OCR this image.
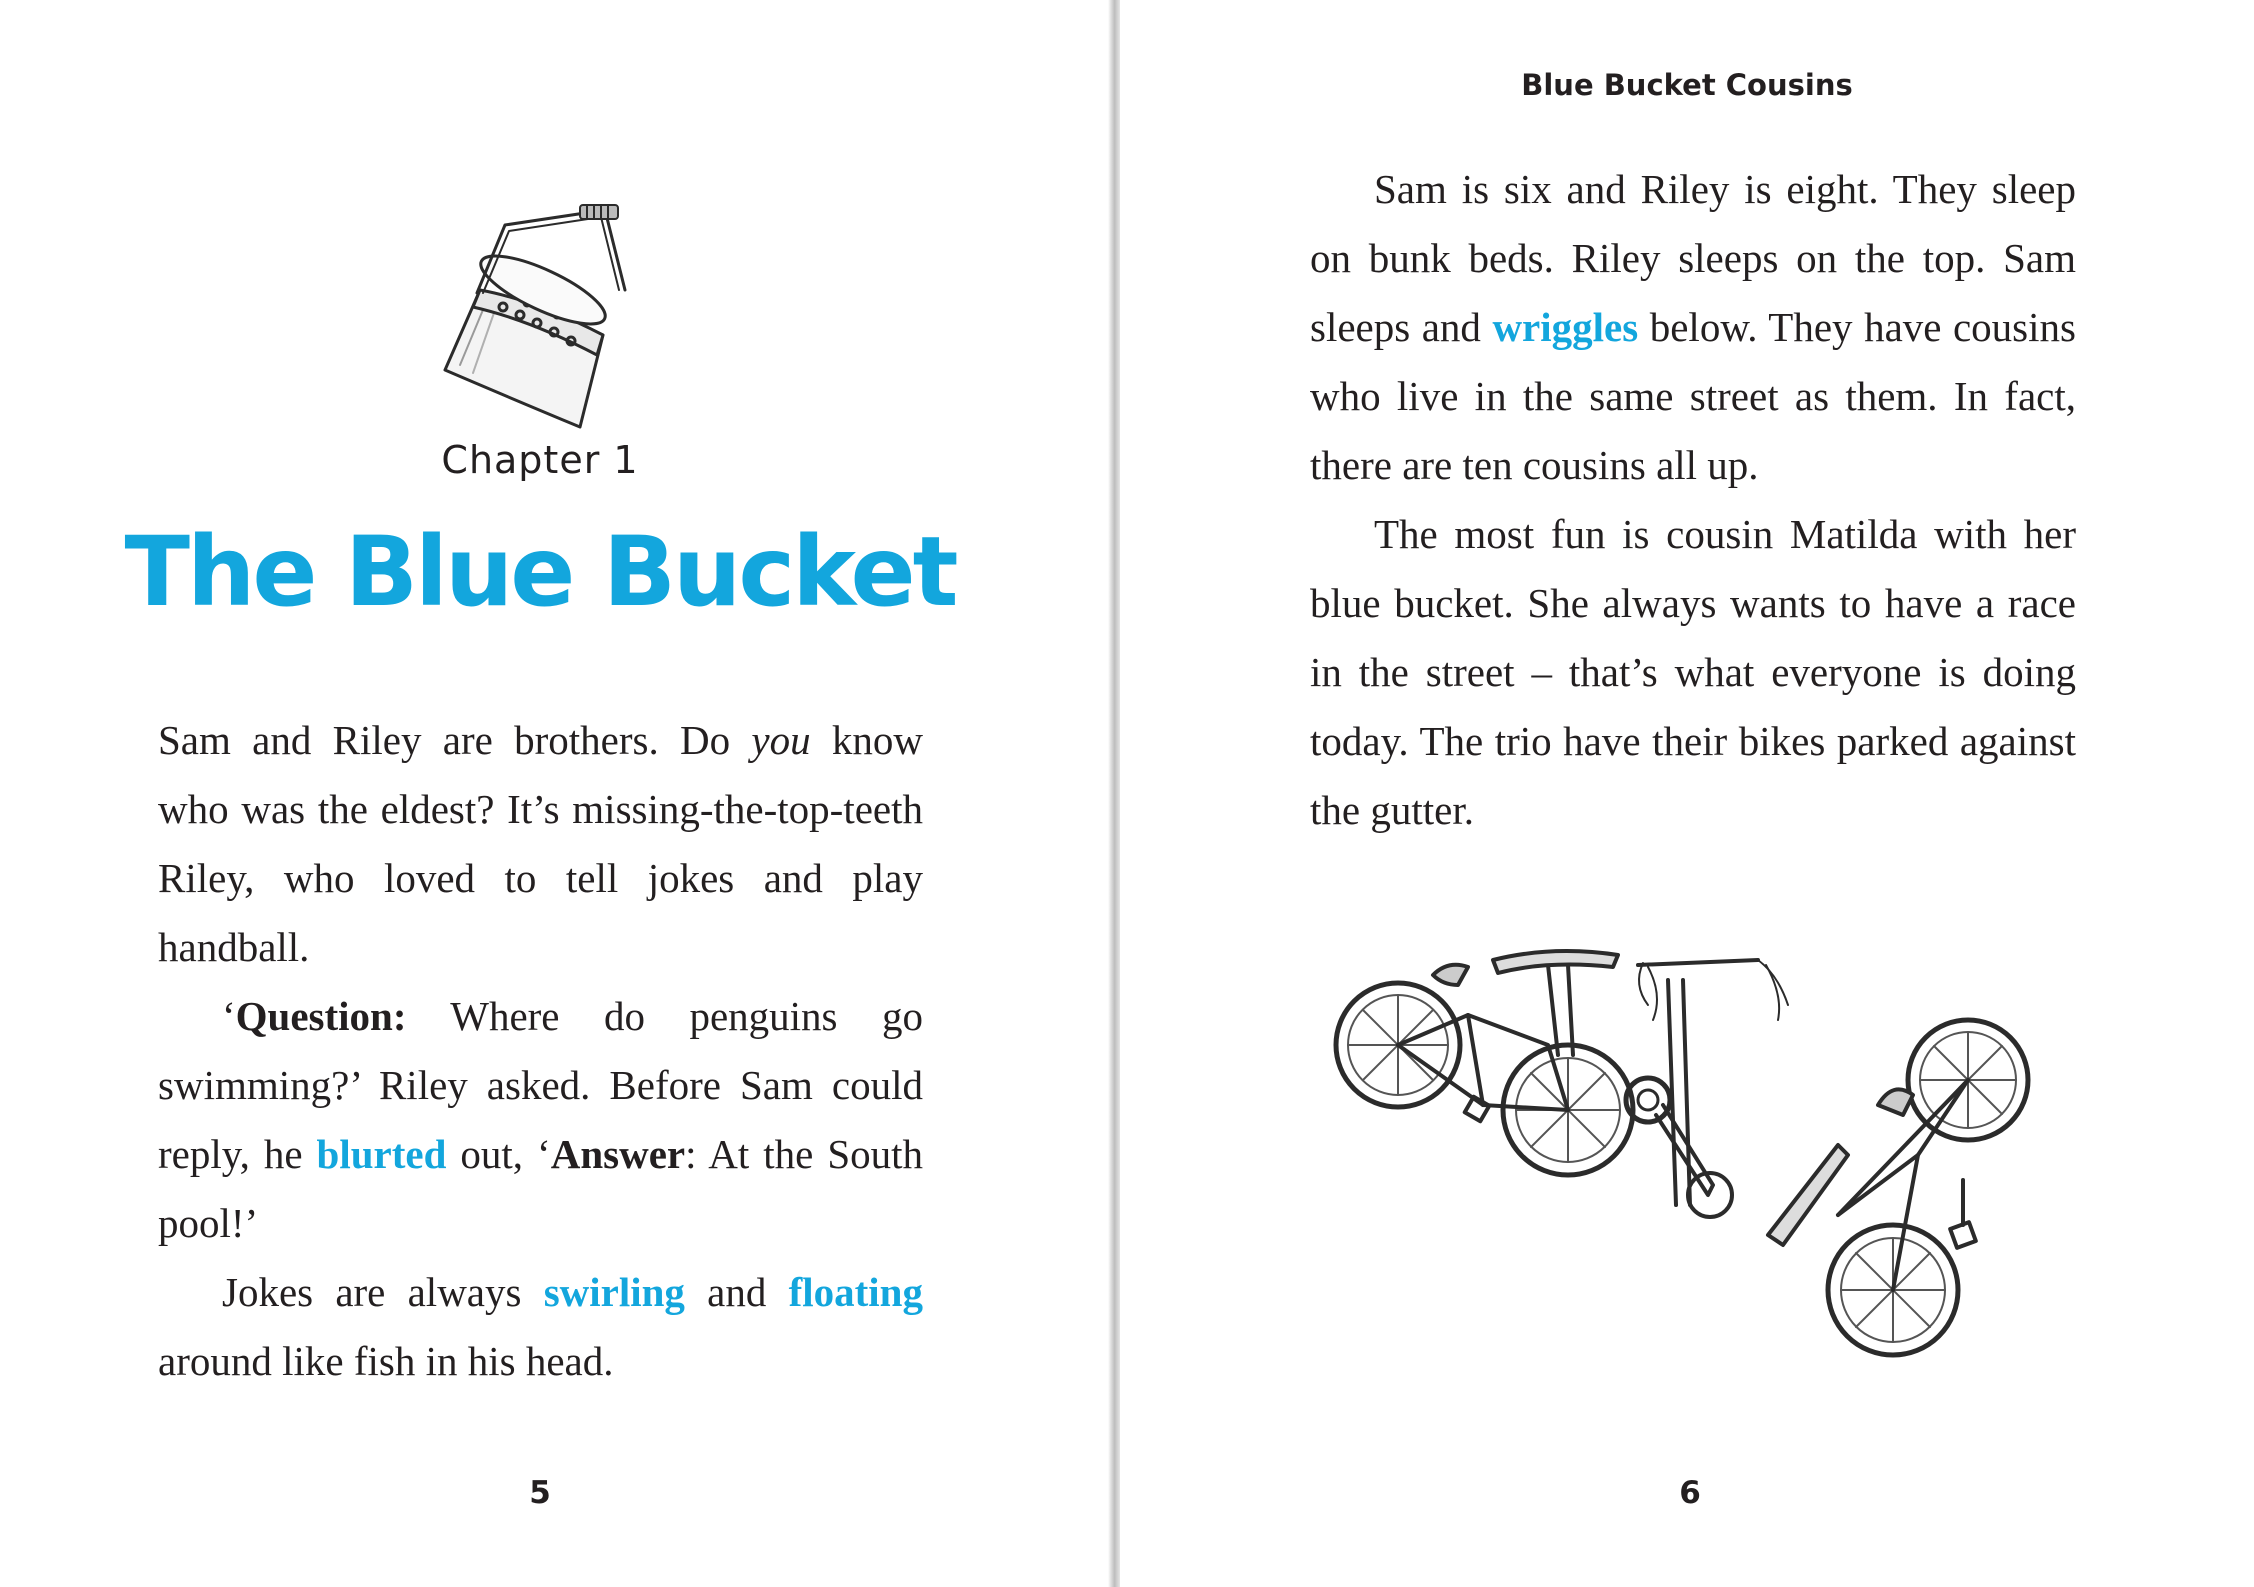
Chapter 1

The Blue Bucket

Sam and Riley are brothers. Do you know who was the eldest? It’s missing-the-top-teeth Riley, who loved to tell jokes and play handball.

‘Question: Where do penguins go swimming?’ Riley asked. Before Sam could reply, he blurted out, ‘Answer: At the South pool!’

Jokes are always swirling and floating around like fish in his head.

5
Blue Bucket Cousins

Sam is six and Riley is eight. They sleep on bunk beds. Riley sleeps on the top. Sam sleeps and wriggles below. They have cousins who live in the same street as them. In fact, there are ten cousins all up.

The most fun is cousin Matilda with her blue bucket. She always wants to have a race in the street – that’s what everyone is doing today. The trio have their bikes parked against the gutter.

6
